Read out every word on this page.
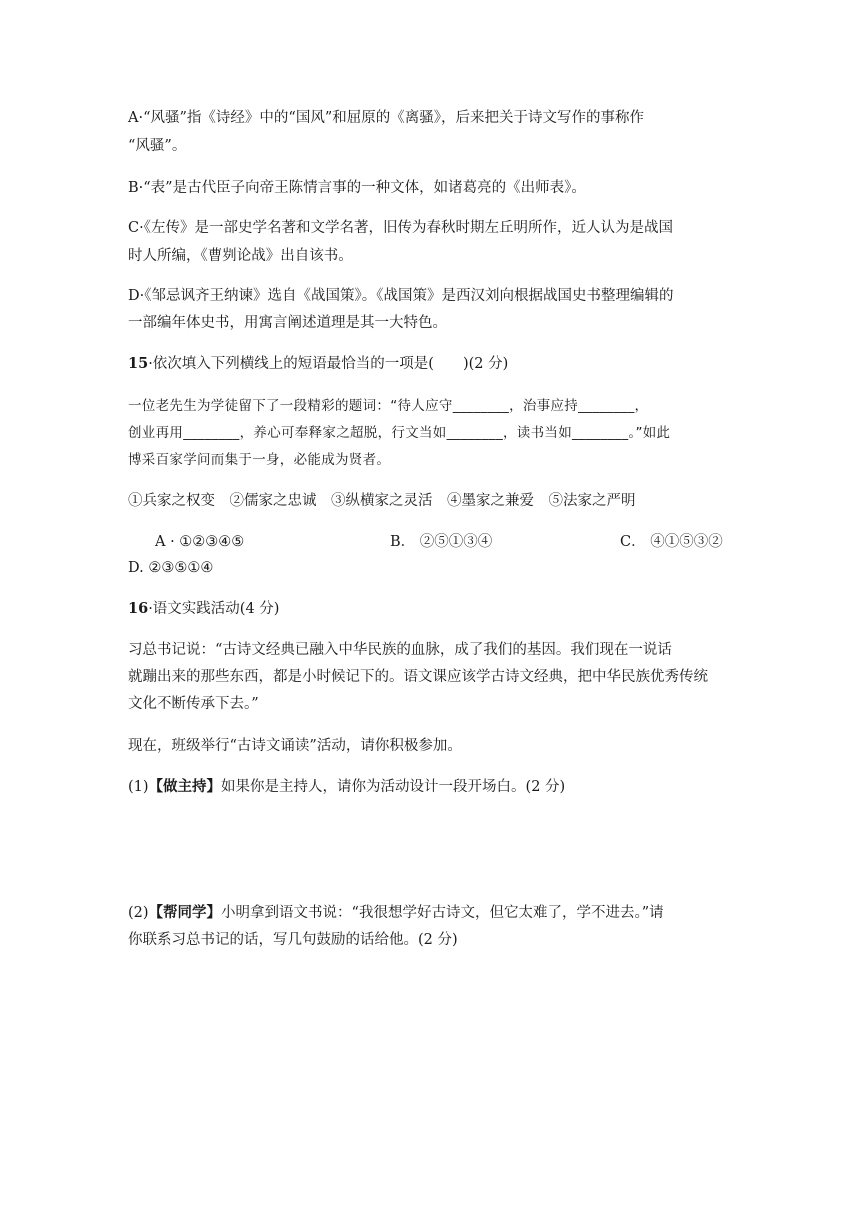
A·“风骚”指《诗经》中的“国风”和屈原的《离骚》，后来把关于诗文写作的事称作
“风骚”。
B·“表”是古代臣子向帝王陈情言事的一种文体，如诸葛亮的《出师表》。
C·《左传》是一部史学名著和文学名著，旧传为春秋时期左丘明所作，近人认为是战国
时人所编，《曹刿论战》出自该书。
D·《邹忌讽齐王纳谏》选自《战国策》。《战国策》是西汉刘向根据战国史书整理编辑的
一部编年体史书，用寓言阐述道理是其一大特色。
15·依次填入下列横线上的短语最恰当的一项是(　　)(2 分)
一位老先生为学徒留下了一段精彩的题词：“待人应守________，治事应持________，
创业再用________，养心可奉释家之超脱，行文当如________，读书当如________。”如此
博采百家学问而集于一身，必能成为贤者。
①兵家之权变　②儒家之忠诚　③纵横家之灵活　④墨家之兼爱　⑤法家之严明
A · ①②③④⑤	B． ②⑤①③④	C． ④①⑤③②
D. ②③⑤①④
16·语文实践活动(4 分)
习总书记说：“古诗文经典已融入中华民族的血脉，成了我们的基因。我们现在一说话
就蹦出来的那些东西，都是小时候记下的。语文课应该学古诗文经典，把中华民族优秀传统
文化不断传承下去。”
现在，班级举行“古诗文诵读”活动，请你积极参加。
(1)【做主持】如果你是主持人，请你为活动设计一段开场白。(2 分)
(2)【帮同学】小明拿到语文书说：“我很想学好古诗文，但它太难了，学不进去。”请
你联系习总书记的话，写几句鼓励的话给他。(2 分)
